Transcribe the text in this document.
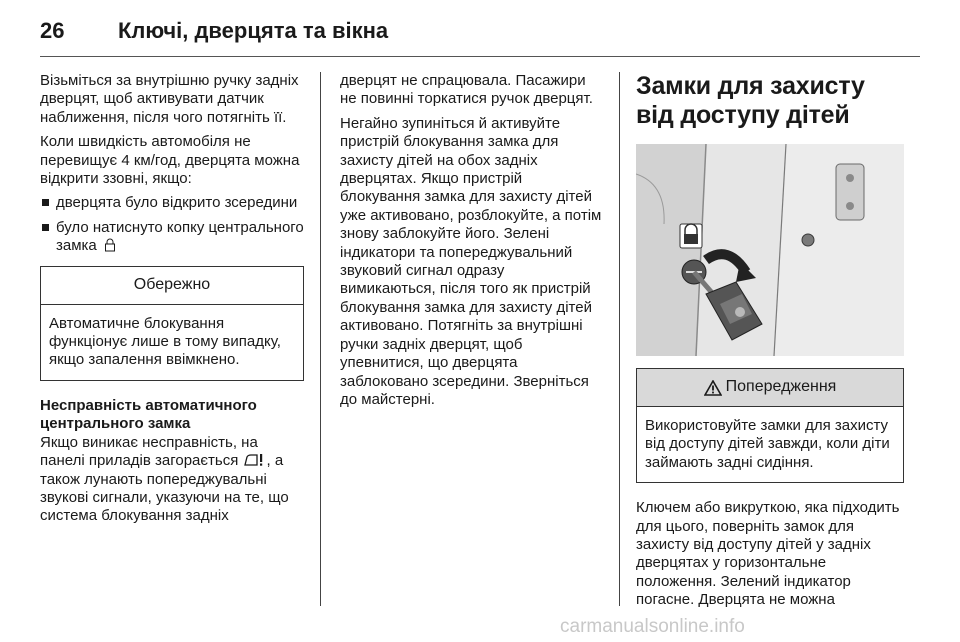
26 Ключі, дверцята та вікна

Візьміться за внутрішню ручку задніх дверцят, щоб активувати датчик наближення, після чого потягніть її.

Коли швидкість автомобіля не перевищує 4 км/год, дверцята можна відкрити ззовні, якщо:

дверцята було відкрито зсередини
було натиснуто копку центрального замка
Обережно
Автоматичне блокування функціонує лише в тому випадку, якщо запалення ввімкнено.
Несправність автоматичного центрального замка

Якщо виникає несправність, на панелі приладів загорається , а також лунають попереджувальні звукові сигнали, указуючи на те, що система блокування задніх

дверцят не спрацювала. Пасажири не повинні торкатися ручок дверцят.

Негайно зупиніться й активуйте пристрій блокування замка для захисту дітей на обох задніх дверцятах. Якщо пристрій блокування замка для захисту дітей уже активовано, розблокуйте, а потім знову заблокуйте його. Зелені індикатори та попереджувальний звуковий сигнал одразу вимикаються, після того як пристрій блокування замка для захисту дітей активовано. Потягніть за внутрішні ручки задніх дверцят, щоб упевнитися, що дверцята заблоковано зсередини. Зверніться до майстерні.

Замки для захисту від доступу дітей
Попередження
Використовуйте замки для захисту від доступу дітей завжди, коли діти займають задні сидіння.

Ключем або викруткою, яка підходить для цього, поверніть замок для захисту від доступу дітей у задніх дверцятах у горизонтальне положення. Зелений індикатор погасне. Дверцята не можна

carmanualsonline.info
